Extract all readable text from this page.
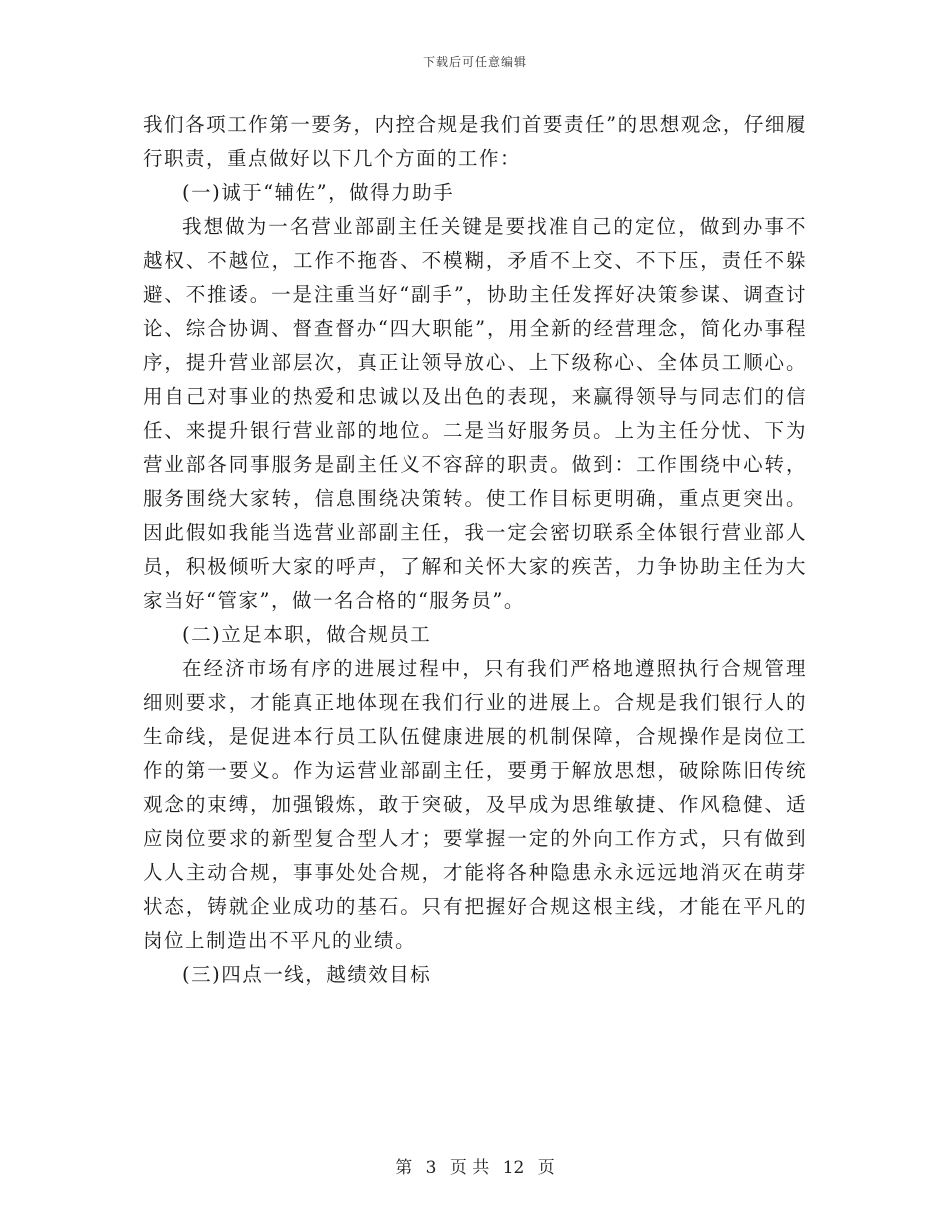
下载后可任意编辑

我们各项工作第一要务，内控合规是我们首要责任”的思想观念，仔细履行职责，重点做好以下几个方面的工作：

(一)诚于“辅佐”，做得力助手

我想做为一名营业部副主任关键是要找准自己的定位，做到办事不越权、不越位，工作不拖沓、不模糊，矛盾不上交、不下压，责任不躲避、不推诿。一是注重当好“副手”，协助主任发挥好决策参谋、调查讨论、综合协调、督查督办“四大职能”，用全新的经营理念，简化办事程序，提升营业部层次，真正让领导放心、上下级称心、全体员工顺心。用自己对事业的热爱和忠诚以及出色的表现，来赢得领导与同志们的信任、来提升银行营业部的地位。二是当好服务员。上为主任分忧、下为营业部各同事服务是副主任义不容辞的职责。做到：工作围绕中心转，服务围绕大家转，信息围绕决策转。使工作目标更明确，重点更突出。因此假如我能当选营业部副主任，我一定会密切联系全体银行营业部人员，积极倾听大家的呼声，了解和关怀大家的疾苦，力争协助主任为大家当好“管家”，做一名合格的“服务员”。

(二)立足本职，做合规员工

在经济市场有序的进展过程中，只有我们严格地遵照执行合规管理细则要求，才能真正地体现在我们行业的进展上。合规是我们银行人的生命线，是促进本行员工队伍健康进展的机制保障，合规操作是岗位工作的第一要义。作为运营业部副主任，要勇于解放思想，破除陈旧传统观念的束缚，加强锻炼，敢于突破，及早成为思维敏捷、作风稳健、适应岗位要求的新型复合型人才；要掌握一定的外向工作方式，只有做到人人主动合规，事事处处合规，才能将各种隐患永永远远地消灭在萌芽状态，铸就企业成功的基石。只有把握好合规这根主线，才能在平凡的岗位上制造出不平凡的业绩。

(三)四点一线，越绩效目标

第 3 页 共 12 页
